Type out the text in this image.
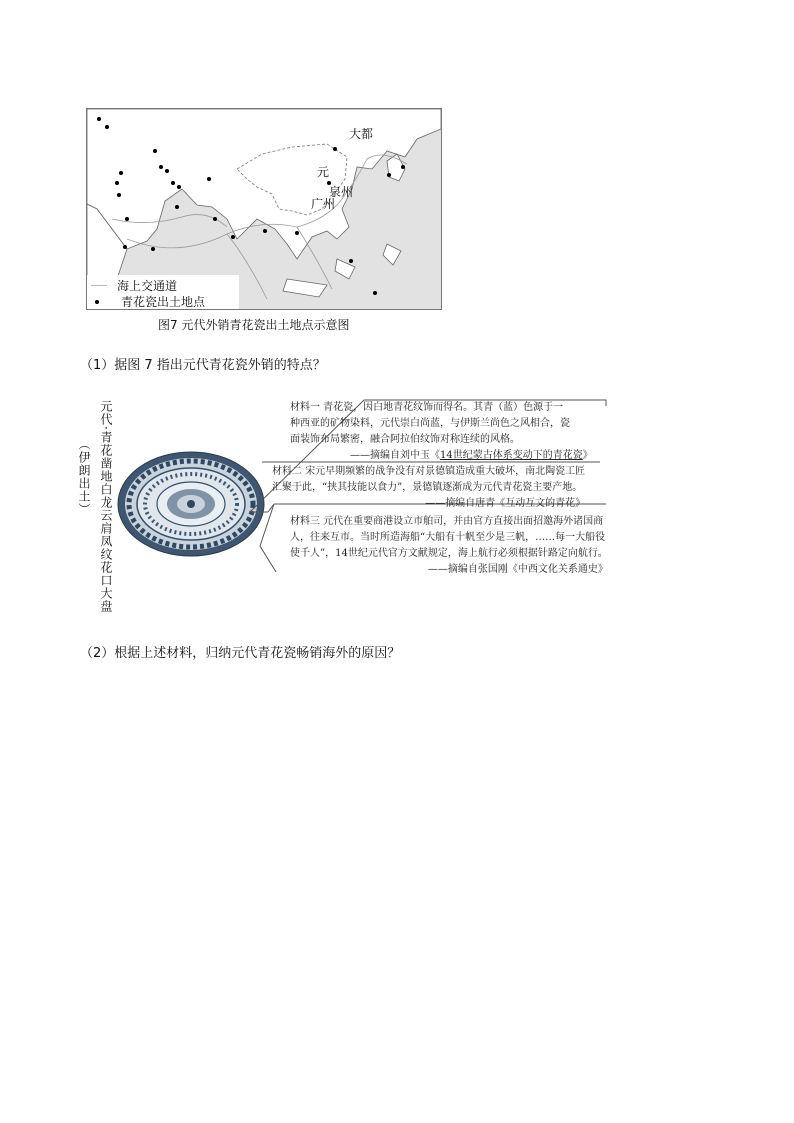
大都
元
泉州
广州
海上交通道
青花瓷出土地点
图7 元代外销青花瓷出土地点示意图
（1）据图 7 指出元代青花瓷外销的特点？
元代·青花凿地白龙云肩凤纹花口大盘
（伊朗出土）

材料一 青花瓷，因白地青花纹饰而得名。其青（蓝）色源于一

种西亚的矿物染料，元代崇白尚蓝，与伊斯兰尚色之风相合，瓷

面装饰布局繁密，融合阿拉伯纹饰对称连续的风格。

——摘编自刘中玉《14世纪蒙古体系变动下的青花瓷》

材料二 宋元早期频繁的战争没有对景德镇造成重大破坏，南北陶瓷工匠

汇聚于此，“挟其技能以食力”，景德镇逐渐成为元代青花瓷主要产地。

——摘编自唐青《互动互文的青花》

材料三 元代在重要商港设立市舶司，并由官方直接出面招邀海外诸国商

人，往来互市。当时所造海船“大船有十帆至少是三帆，……每一大船役

使千人”，14世纪元代官方文献规定，海上航行必须根据针路定向航行。

——摘编自张国刚《中西文化关系通史》

（2）根据上述材料，归纳元代青花瓷畅销海外的原因？
